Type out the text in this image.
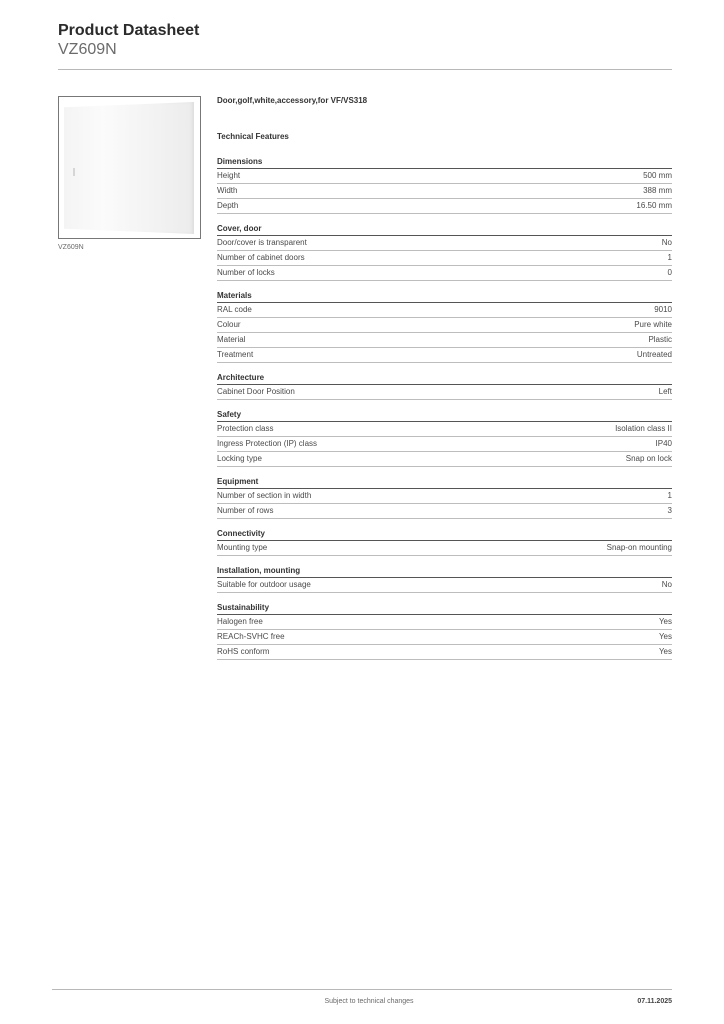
Product Datasheet
VZ609N
VZ609N
Door,golf,white,accessory,for VF/VS318
Technical Features
Dimensions
Height	500 mm
Width	388 mm
Depth	16.50 mm
Cover, door
Door/cover is transparent	No
Number of cabinet doors	1
Number of locks	0
Materials
RAL code	9010
Colour	Pure white
Material	Plastic
Treatment	Untreated
Architecture
Cabinet Door Position	Left
Safety
Protection class	Isolation class II
Ingress Protection (IP) class	IP40
Locking type	Snap on lock
Equipment
Number of section in width	1
Number of rows	3
Connectivity
Mounting type	Snap-on mounting
Installation, mounting
Suitable for outdoor usage	No
Sustainability
Halogen free	Yes
REACh-SVHC free	Yes
RoHS conform	Yes
Subject to technical changes	07.11.2025
